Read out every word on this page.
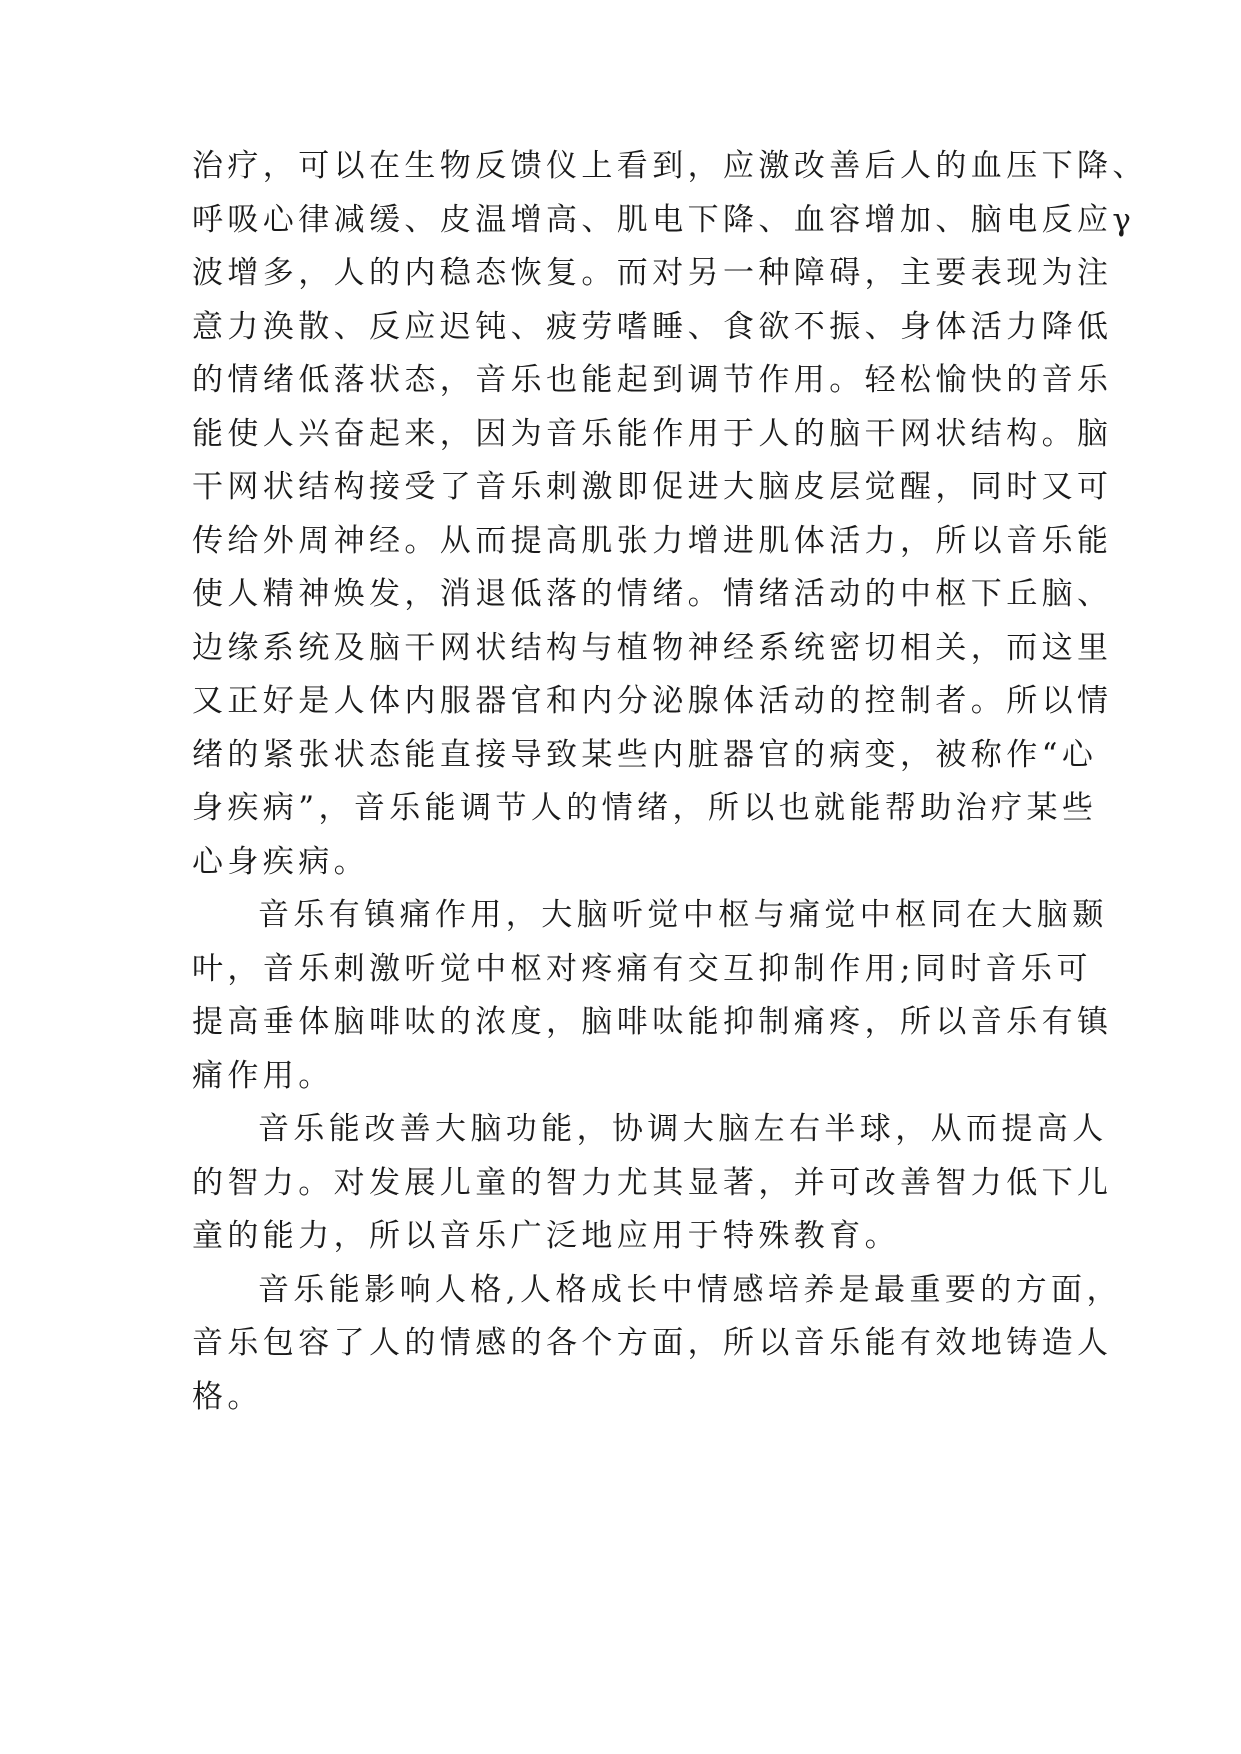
治疗，可以在生物反馈仪上看到，应激改善后人的血压下降、
呼吸心律减缓、皮温增高、肌电下降、血容增加、脑电反应γ
波增多，人的内稳态恢复。而对另一种障碍，主要表现为注
意力涣散、反应迟钝、疲劳嗜睡、食欲不振、身体活力降低
的情绪低落状态，音乐也能起到调节作用。轻松愉快的音乐
能使人兴奋起来，因为音乐能作用于人的脑干网状结构。脑
干网状结构接受了音乐刺激即促进大脑皮层觉醒，同时又可
传给外周神经。从而提高肌张力增进肌体活力，所以音乐能
使人精神焕发，消退低落的情绪。情绪活动的中枢下丘脑、
边缘系统及脑干网状结构与植物神经系统密切相关，而这里
又正好是人体内服器官和内分泌腺体活动的控制者。所以情
绪的紧张状态能直接导致某些内脏器官的病变，被称作“心
身疾病”，音乐能调节人的情绪，所以也就能帮助治疗某些
心身疾病。
音乐有镇痛作用，大脑听觉中枢与痛觉中枢同在大脑颞
叶，音乐刺激听觉中枢对疼痛有交互抑制作用;同时音乐可
提高垂体脑啡呔的浓度，脑啡呔能抑制痛疼，所以音乐有镇
痛作用。
音乐能改善大脑功能，协调大脑左右半球，从而提高人
的智力。对发展儿童的智力尤其显著，并可改善智力低下儿
童的能力，所以音乐广泛地应用于特殊教育。
音乐能影响人格,人格成长中情感培养是最重要的方面，
音乐包容了人的情感的各个方面，所以音乐能有效地铸造人
格。
